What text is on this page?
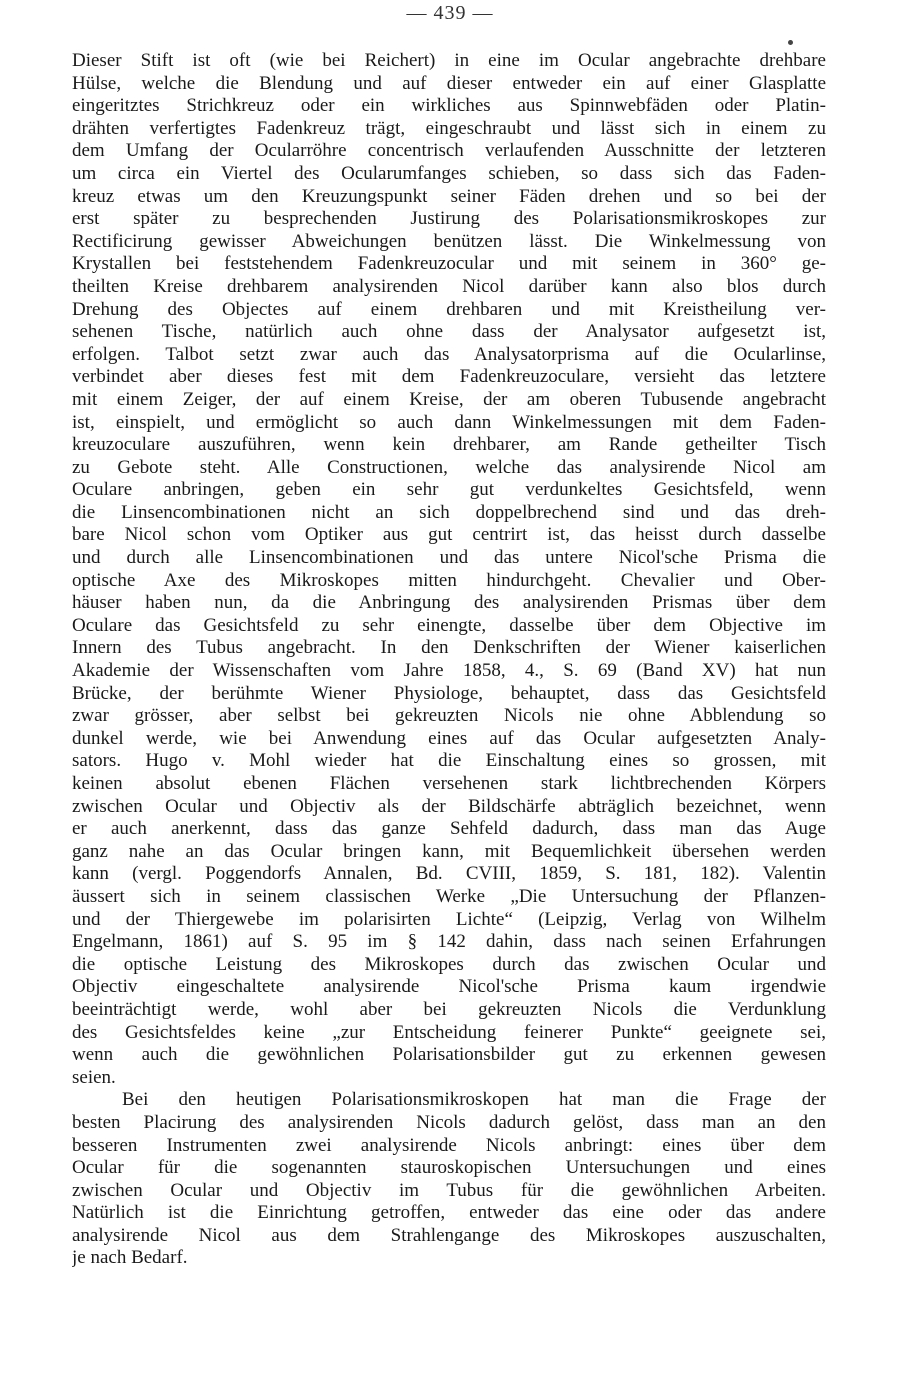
— 439 —
Dieser Stift ist oft (wie bei Reichert) in eine im Ocular angebrachte drehbare
Hülse, welche die Blendung und auf dieser entweder ein auf einer Glasplatte
eingeritztes Strichkreuz oder ein wirkliches aus Spinnwebfäden oder Platin-
drähten verfertigtes Fadenkreuz trägt, eingeschraubt und lässt sich in einem zu
dem Umfang der Ocularröhre concentrisch verlaufenden Ausschnitte der letzteren
um circa ein Viertel des Ocularumfanges schieben, so dass sich das Faden-
kreuz etwas um den Kreuzungspunkt seiner Fäden drehen und so bei der
erst später zu besprechenden Justirung des Polarisationsmikroskopes zur
Rectificirung gewisser Abweichungen benützen lässt. Die Winkelmessung von
Krystallen bei feststehendem Fadenkreuzocular und mit seinem in 360° ge-
theilten Kreise drehbarem analysirenden Nicol darüber kann also blos durch
Drehung des Objectes auf einem drehbaren und mit Kreistheilung ver-
sehenen Tische, natürlich auch ohne dass der Analysator aufgesetzt ist,
erfolgen. Talbot setzt zwar auch das Analysatorprisma auf die Ocularlinse,
verbindet aber dieses fest mit dem Fadenkreuzoculare, versieht das letztere
mit einem Zeiger, der auf einem Kreise, der am oberen Tubusende angebracht
ist, einspielt, und ermöglicht so auch dann Winkelmessungen mit dem Faden-
kreuzoculare auszuführen, wenn kein drehbarer, am Rande getheilter Tisch
zu Gebote steht. Alle Constructionen, welche das analysirende Nicol am
Oculare anbringen, geben ein sehr gut verdunkeltes Gesichtsfeld, wenn
die Linsencombinationen nicht an sich doppelbrechend sind und das dreh-
bare Nicol schon vom Optiker aus gut centrirt ist, das heisst durch dasselbe
und durch alle Linsencombinationen und das untere Nicol'sche Prisma die
optische Axe des Mikroskopes mitten hindurchgeht. Chevalier und Ober-
häuser haben nun, da die Anbringung des analysirenden Prismas über dem
Oculare das Gesichtsfeld zu sehr einengte, dasselbe über dem Objective im
Innern des Tubus angebracht. In den Denkschriften der Wiener kaiserlichen
Akademie der Wissenschaften vom Jahre 1858, 4., S. 69 (Band XV) hat nun
Brücke, der berühmte Wiener Physiologe, behauptet, dass das Gesichtsfeld
zwar grösser, aber selbst bei gekreuzten Nicols nie ohne Abblendung so
dunkel werde, wie bei Anwendung eines auf das Ocular aufgesetzten Analy-
sators. Hugo v. Mohl wieder hat die Einschaltung eines so grossen, mit
keinen absolut ebenen Flächen versehenen stark lichtbrechenden Körpers
zwischen Ocular und Objectiv als der Bildschärfe abträglich bezeichnet, wenn
er auch anerkennt, dass das ganze Sehfeld dadurch, dass man das Auge
ganz nahe an das Ocular bringen kann, mit Bequemlichkeit übersehen werden
kann (vergl. Poggendorfs Annalen, Bd. CVIII, 1859, S. 181, 182). Valentin
äussert sich in seinem classischen Werke „Die Untersuchung der Pflanzen-
und der Thiergewebe im polarisirten Lichte“ (Leipzig, Verlag von Wilhelm
Engelmann, 1861) auf S. 95 im § 142 dahin, dass nach seinen Erfahrungen
die optische Leistung des Mikroskopes durch das zwischen Ocular und
Objectiv eingeschaltete analysirende Nicol'sche Prisma kaum irgendwie
beeinträchtigt werde, wohl aber bei gekreuzten Nicols die Verdunklung
des Gesichtsfeldes keine „zur Entscheidung feinerer Punkte“ geeignete sei,
wenn auch die gewöhnlichen Polarisationsbilder gut zu erkennen gewesen
seien.
Bei den heutigen Polarisationsmikroskopen hat man die Frage der
besten Placirung des analysirenden Nicols dadurch gelöst, dass man an den
besseren Instrumenten zwei analysirende Nicols anbringt: eines über dem
Ocular für die sogenannten stauroskopischen Untersuchungen und eines
zwischen Ocular und Objectiv im Tubus für die gewöhnlichen Arbeiten.
Natürlich ist die Einrichtung getroffen, entweder das eine oder das andere
analysirende Nicol aus dem Strahlengange des Mikroskopes auszuschalten,
je nach Bedarf.
